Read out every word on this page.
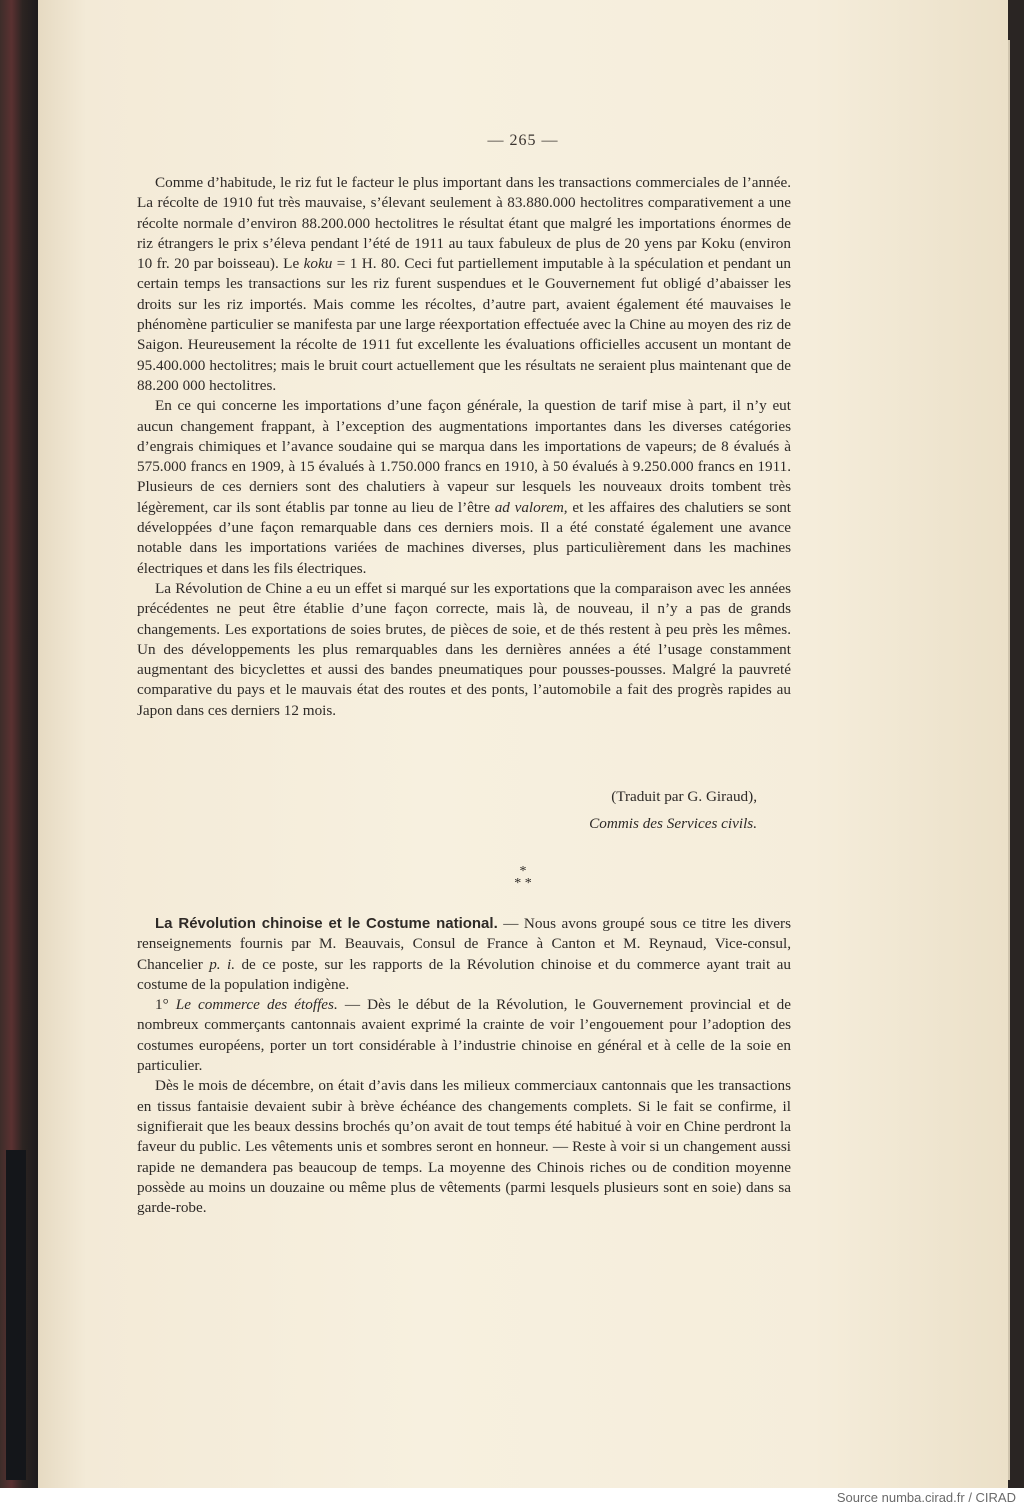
— 265 —

Comme d’habitude, le riz fut le facteur le plus important dans les transactions commerciales de l’année. La récolte de 1910 fut très mauvaise, s’élevant seulement à 83.880.000 hectolitres comparativement a une récolte normale d’environ 88.200.000 hectolitres le résultat étant que malgré les importations énormes de riz étrangers le prix s’éleva pendant l’été de 1911 au taux fabuleux de plus de 20 yens par Koku (environ 10 fr. 20 par boisseau). Le koku = 1 H. 80. Ceci fut partiellement imputable à la spéculation et pendant un certain temps les transactions sur les riz furent suspendues et le Gouvernement fut obligé d’abaisser les droits sur les riz importés. Mais comme les récoltes, d’autre part, avaient également été mauvaises le phénomène particulier se manifesta par une large réexportation effectuée avec la Chine au moyen des riz de Saigon. Heureusement la récolte de 1911 fut excellente les évaluations officielles accusent un montant de 95.400.000 hectolitres; mais le bruit court actuellement que les résultats ne seraient plus maintenant que de 88.200 000 hectolitres.

En ce qui concerne les importations d’une façon générale, la question de tarif mise à part, il n’y eut aucun changement frappant, à l’exception des augmentations importantes dans les diverses catégories d’engrais chimiques et l’avance soudaine qui se marqua dans les importations de vapeurs; de 8 évalués à 575.000 francs en 1909, à 15 évalués à 1.750.000 francs en 1910, à 50 évalués à 9.250.000 francs en 1911. Plusieurs de ces derniers sont des chalutiers à vapeur sur lesquels les nouveaux droits tombent très légèrement, car ils sont établis par tonne au lieu de l’être ad valorem, et les affaires des chalutiers se sont développées d’une façon remarquable dans ces derniers mois. Il a été constaté également une avance notable dans les importations variées de machines diverses, plus particulièrement dans les machines électriques et dans les fils électriques.

La Révolution de Chine a eu un effet si marqué sur les exportations que la comparaison avec les années précédentes ne peut être établie d’une façon correcte, mais là, de nouveau, il n’y a pas de grands changements. Les exportations de soies brutes, de pièces de soie, et de thés restent à peu près les mêmes. Un des développements les plus remarquables dans les dernières années a été l’usage constamment augmentant des bicyclettes et aussi des bandes pneumatiques pour pousses-pousses. Malgré la pauvreté comparative du pays et le mauvais état des routes et des ponts, l’automobile a fait des progrès rapides au Japon dans ces derniers 12 mois.

(Traduit par G. Giraud),
Commis des Services civils.
*
* *

La Révolution chinoise et le Costume national. — Nous avons groupé sous ce titre les divers renseignements fournis par M. Beauvais, Consul de France à Canton et M. Reynaud, Vice-consul, Chancelier p. i. de ce poste, sur les rapports de la Révolution chinoise et du commerce ayant trait au costume de la population indigène.

1° Le commerce des étoffes. — Dès le début de la Révolution, le Gouvernement provincial et de nombreux commerçants cantonnais avaient exprimé la crainte de voir l’engouement pour l’adoption des costumes européens, porter un tort considérable à l’industrie chinoise en général et à celle de la soie en particulier.

Dès le mois de décembre, on était d’avis dans les milieux commerciaux cantonnais que les transactions en tissus fantaisie devaient subir à brève échéance des changements complets. Si le fait se confirme, il signifierait que les beaux dessins brochés qu’on avait de tout temps été habitué à voir en Chine perdront la faveur du public. Les vêtements unis et sombres seront en honneur. — Reste à voir si un changement aussi rapide ne demandera pas beaucoup de temps. La moyenne des Chinois riches ou de condition moyenne possède au moins un douzaine ou même plus de vêtements (parmi lesquels plusieurs sont en soie) dans sa garde-robe.

Source numba.cirad.fr / CIRAD
